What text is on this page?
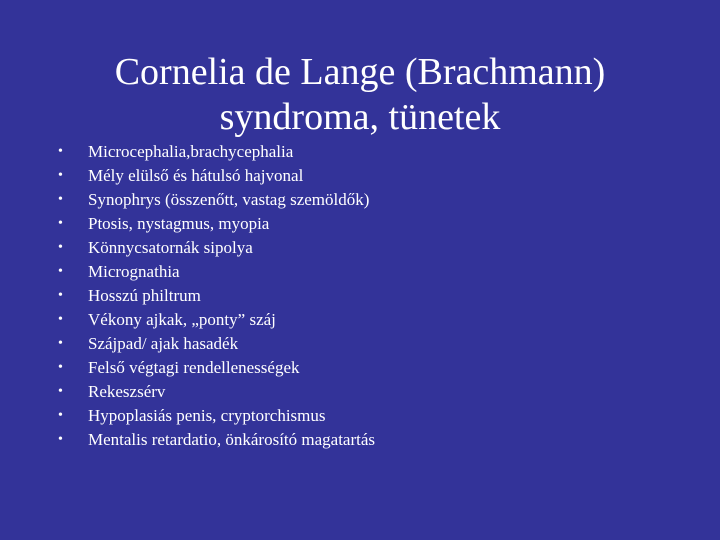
Cornelia de Lange (Brachmann)
syndroma, tünetek
• Microcephalia,brachycephalia
• Mély elülső és hátulsó hajvonal
• Synophrys (összenőtt, vastag szemöldők)
• Ptosis, nystagmus, myopia
• Könnycsatornák sipolya
• Micrognathia
• Hosszú philtrum
• Vékony ajkak, „ponty” száj
• Szájpad/ ajak hasadék
• Felső végtagi rendellenességek
• Rekeszsérv
• Hypoplasiás penis, cryptorchismus
• Mentalis retardatio, önkárosító magatartás
